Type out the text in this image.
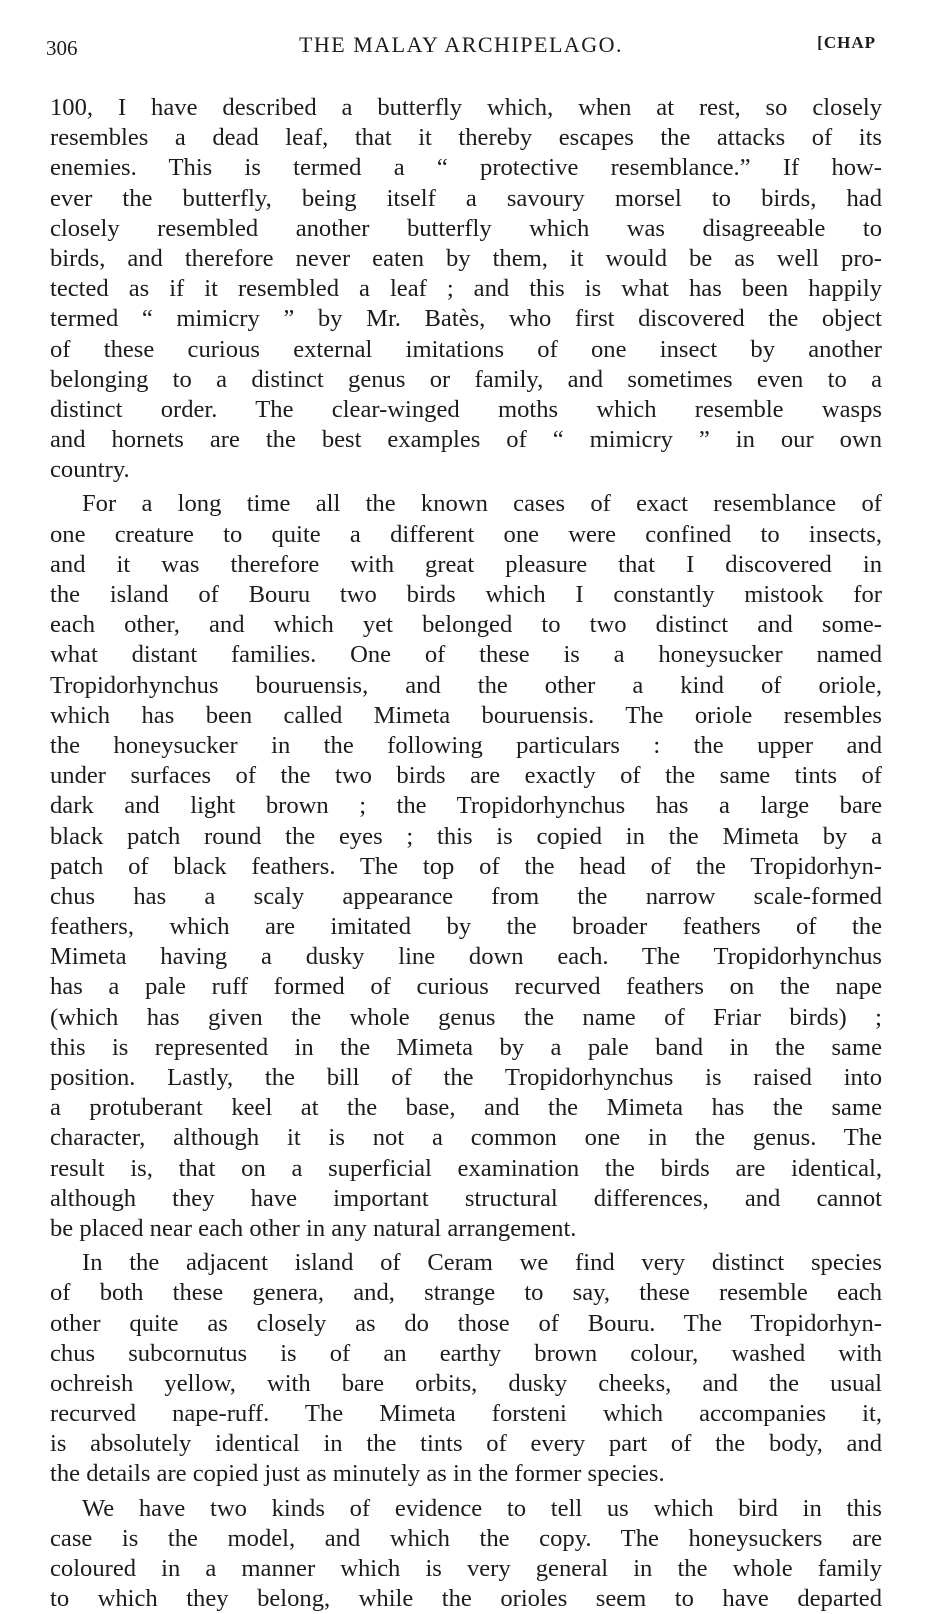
306	THE MALAY ARCHIPELAGO.	[CHAP
100, I have described a butterfly which, when at rest, so closely
resembles a dead leaf, that it thereby escapes the attacks of its
enemies. This is termed a “ protective resemblance.” If how-
ever the butterfly, being itself a savoury morsel to birds, had
closely resembled another butterfly which was disagreeable to
birds, and therefore never eaten by them, it would be as well pro-
tected as if it resembled a leaf ; and this is what has been happily
termed “ mimicry ” by Mr. Batès, who first discovered the object
of these curious external imitations of one insect by another
belonging to a distinct genus or family, and sometimes even to a
distinct order. The clear-winged moths which resemble wasps
and hornets are the best examples of “ mimicry ” in our own
country.
For a long time all the known cases of exact resemblance of
one creature to quite a different one were confined to insects,
and it was therefore with great pleasure that I discovered in
the island of Bouru two birds which I constantly mistook for
each other, and which yet belonged to two distinct and some-
what distant families. One of these is a honeysucker named
Tropidorhynchus bouruensis, and the other a kind of oriole,
which has been called Mimeta bouruensis. The oriole resembles
the honeysucker in the following particulars : the upper and
under surfaces of the two birds are exactly of the same tints of
dark and light brown ; the Tropidorhynchus has a large bare
black patch round the eyes ; this is copied in the Mimeta by a
patch of black feathers. The top of the head of the Tropidorhyn-
chus has a scaly appearance from the narrow scale-formed
feathers, which are imitated by the broader feathers of the
Mimeta having a dusky line down each. The Tropidorhynchus
has a pale ruff formed of curious recurved feathers on the nape
(which has given the whole genus the name of Friar birds) ;
this is represented in the Mimeta by a pale band in the same
position. Lastly, the bill of the Tropidorhynchus is raised into
a protuberant keel at the base, and the Mimeta has the same
character, although it is not a common one in the genus. The
result is, that on a superficial examination the birds are identical,
although they have important structural differences, and cannot
be placed near each other in any natural arrangement.
In the adjacent island of Ceram we find very distinct species
of both these genera, and, strange to say, these resemble each
other quite as closely as do those of Bouru. The Tropidorhyn-
chus subcornutus is of an earthy brown colour, washed with
ochreish yellow, with bare orbits, dusky cheeks, and the usual
recurved nape-ruff. The Mimeta forsteni which accompanies it,
is absolutely identical in the tints of every part of the body, and
the details are copied just as minutely as in the former species.
We have two kinds of evidence to tell us which bird in this
case is the model, and which the copy. The honeysuckers are
coloured in a manner which is very general in the whole family
to which they belong, while the orioles seem to have departed
